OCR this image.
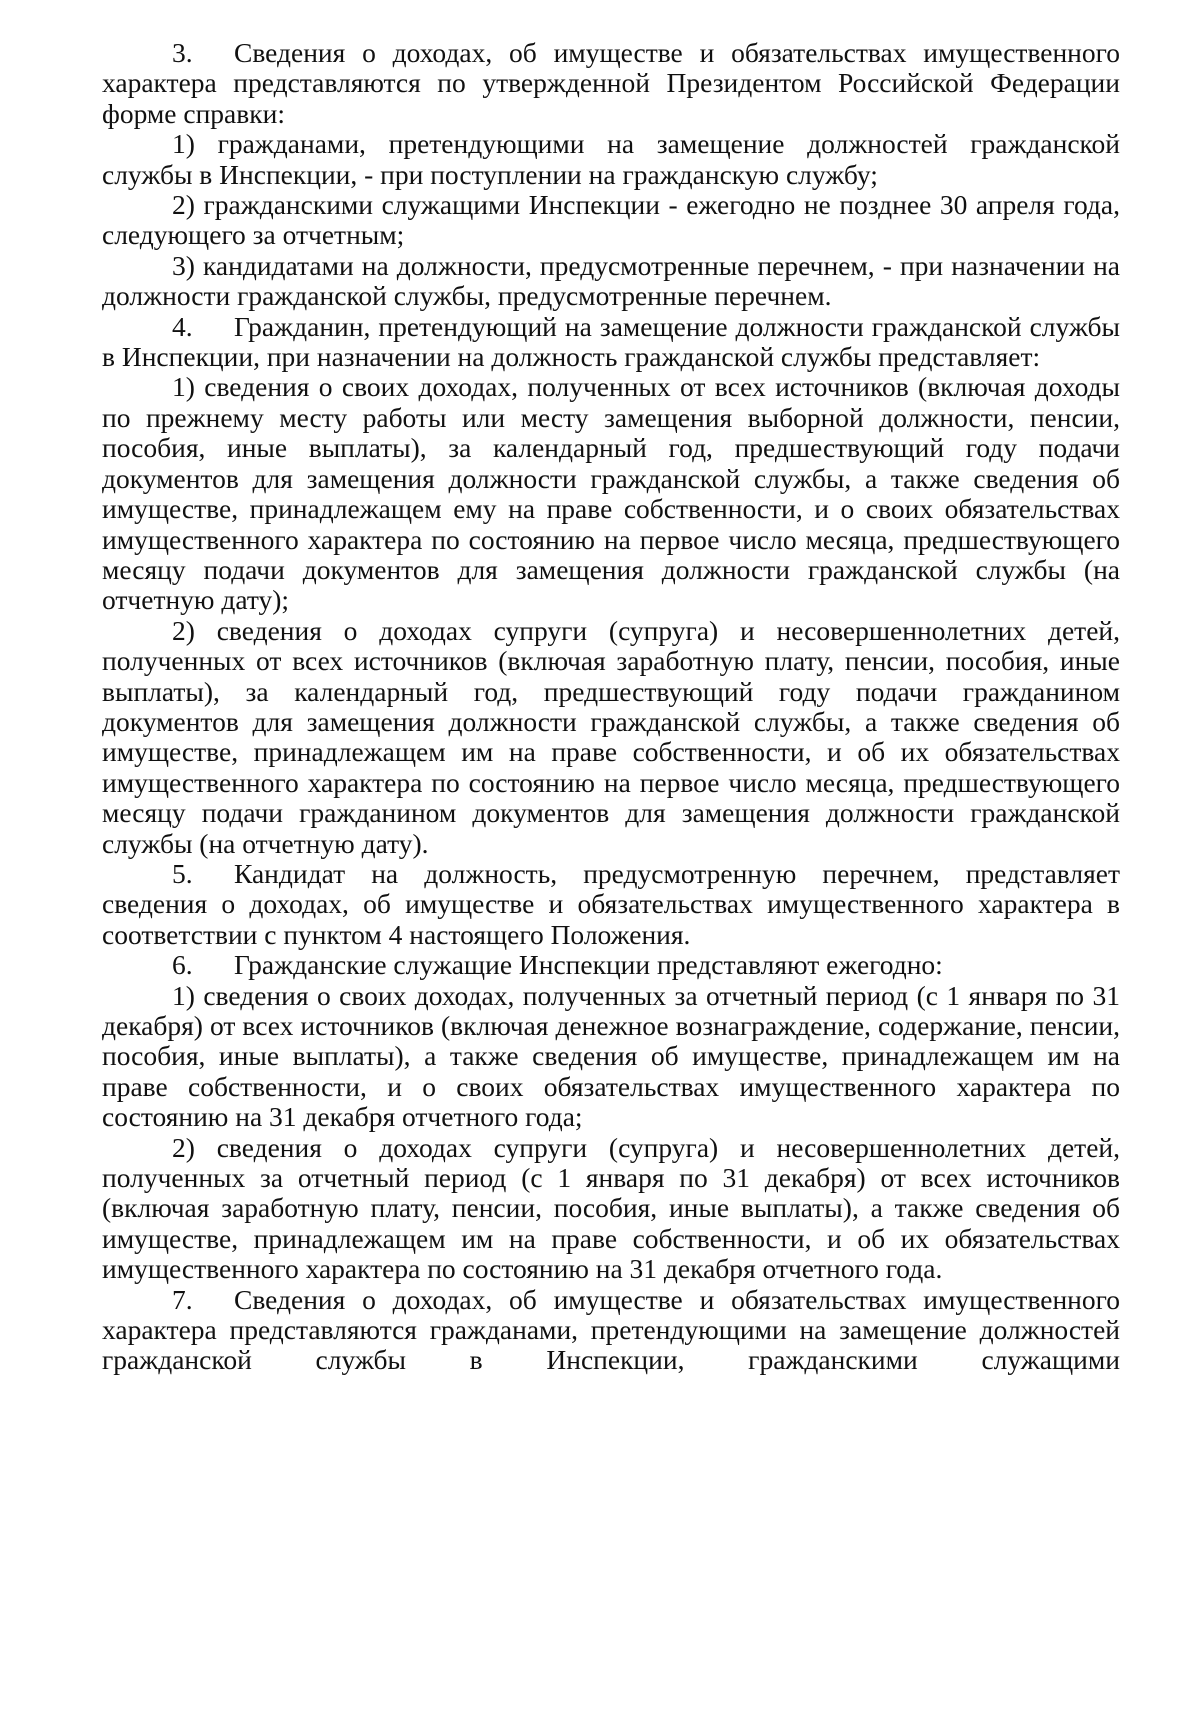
3. Сведения о доходах, об имуществе и обязательствах имущественного характера представляются по утвержденной Президентом Российской Федерации форме справки:

1) гражданами, претендующими на замещение должностей гражданской службы в Инспекции, - при поступлении на гражданскую службу;

2) гражданскими служащими Инспекции - ежегодно не позднее 30 апреля года, следующего за отчетным;

3) кандидатами на должности, предусмотренные перечнем, - при назначении на должности гражданской службы, предусмотренные перечнем.

4. Гражданин, претендующий на замещение должности гражданской службы в Инспекции, при назначении на должность гражданской службы представляет:

1) сведения о своих доходах, полученных от всех источников (включая доходы по прежнему месту работы или месту замещения выборной должности, пенсии, пособия, иные выплаты), за календарный год, предшествующий году подачи документов для замещения должности гражданской службы, а также сведения об имуществе, принадлежащем ему на праве собственности, и о своих обязательствах имущественного характера по состоянию на первое число месяца, предшествующего месяцу подачи документов для замещения должности гражданской службы (на отчетную дату);

2) сведения о доходах супруги (супруга) и несовершеннолетних детей, полученных от всех источников (включая заработную плату, пенсии, пособия, иные выплаты), за календарный год, предшествующий году подачи гражданином документов для замещения должности гражданской службы, а также сведения об имуществе, принадлежащем им на праве собственности, и об их обязательствах имущественного характера по состоянию на первое число месяца, предшествующего месяцу подачи гражданином документов для замещения должности гражданской службы (на отчетную дату).

5. Кандидат на должность, предусмотренную перечнем, представляет сведения о доходах, об имуществе и обязательствах имущественного характера в соответствии с пунктом 4 настоящего Положения.

6. Гражданские служащие Инспекции представляют ежегодно:

1) сведения о своих доходах, полученных за отчетный период (с 1 января по 31 декабря) от всех источников (включая денежное вознаграждение, содержание, пенсии, пособия, иные выплаты), а также сведения об имуществе, принадлежащем им на праве собственности, и о своих обязательствах имущественного характера по состоянию на 31 декабря отчетного года;

2) сведения о доходах супруги (супруга) и несовершеннолетних детей, полученных за отчетный период (с 1 января по 31 декабря) от всех источников (включая заработную плату, пенсии, пособия, иные выплаты), а также сведения об имуществе, принадлежащем им на праве собственности, и об их обязательствах имущественного характера по состоянию на 31 декабря отчетного года.

7. Сведения о доходах, об имуществе и обязательствах имущественного характера представляются гражданами, претендующими на замещение должностей гражданской службы в Инспекции, гражданскими служащими
